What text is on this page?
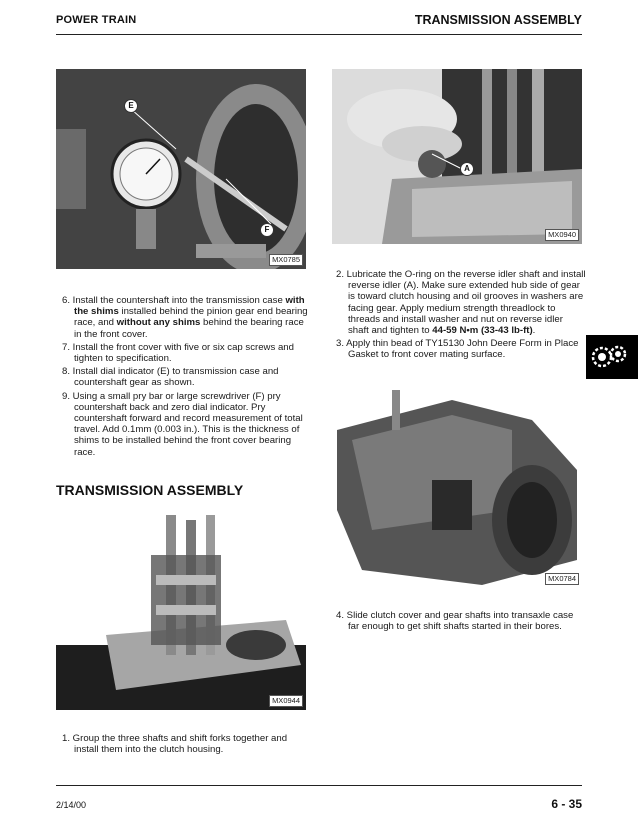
POWER TRAIN	TRANSMISSION ASSEMBLY
E
F
MX0785
A
MX0940

2. Lubricate the O-ring on the reverse idler shaft and install reverse idler (A). Make sure extended hub side of gear is toward clutch housing and oil grooves in washers are facing gear. Apply medium strength threadlock to threads and install washer and nut on reverse idler shaft and tighten to 44-59 N•m (33-43 lb-ft).

3. Apply thin bead of TY15130 John Deere Form in Place Gasket to front cover mating surface.

6. Install the countershaft into the transmission case with the shims installed behind the pinion gear end bearing race, and without any shims behind the bearing race in the front cover.

7. Install the front cover with five or six cap screws and tighten to specification.

8. Install dial indicator (E) to transmission case and countershaft gear as shown.

9. Using a small pry bar or large screwdriver (F) pry countershaft back and zero dial indicator. Pry countershaft forward and record measurement of total travel. Add 0.1mm (0.003 in.). This is the thickness of shims to be installed behind the front cover bearing race.

MX0784

4. Slide clutch cover and gear shafts into transaxle case far enough to get shift shafts started in their bores.

TRANSMISSION ASSEMBLY
MX0944

1. Group the three shafts and shift forks together and install them into the clutch housing.

2/14/00	6 - 35
